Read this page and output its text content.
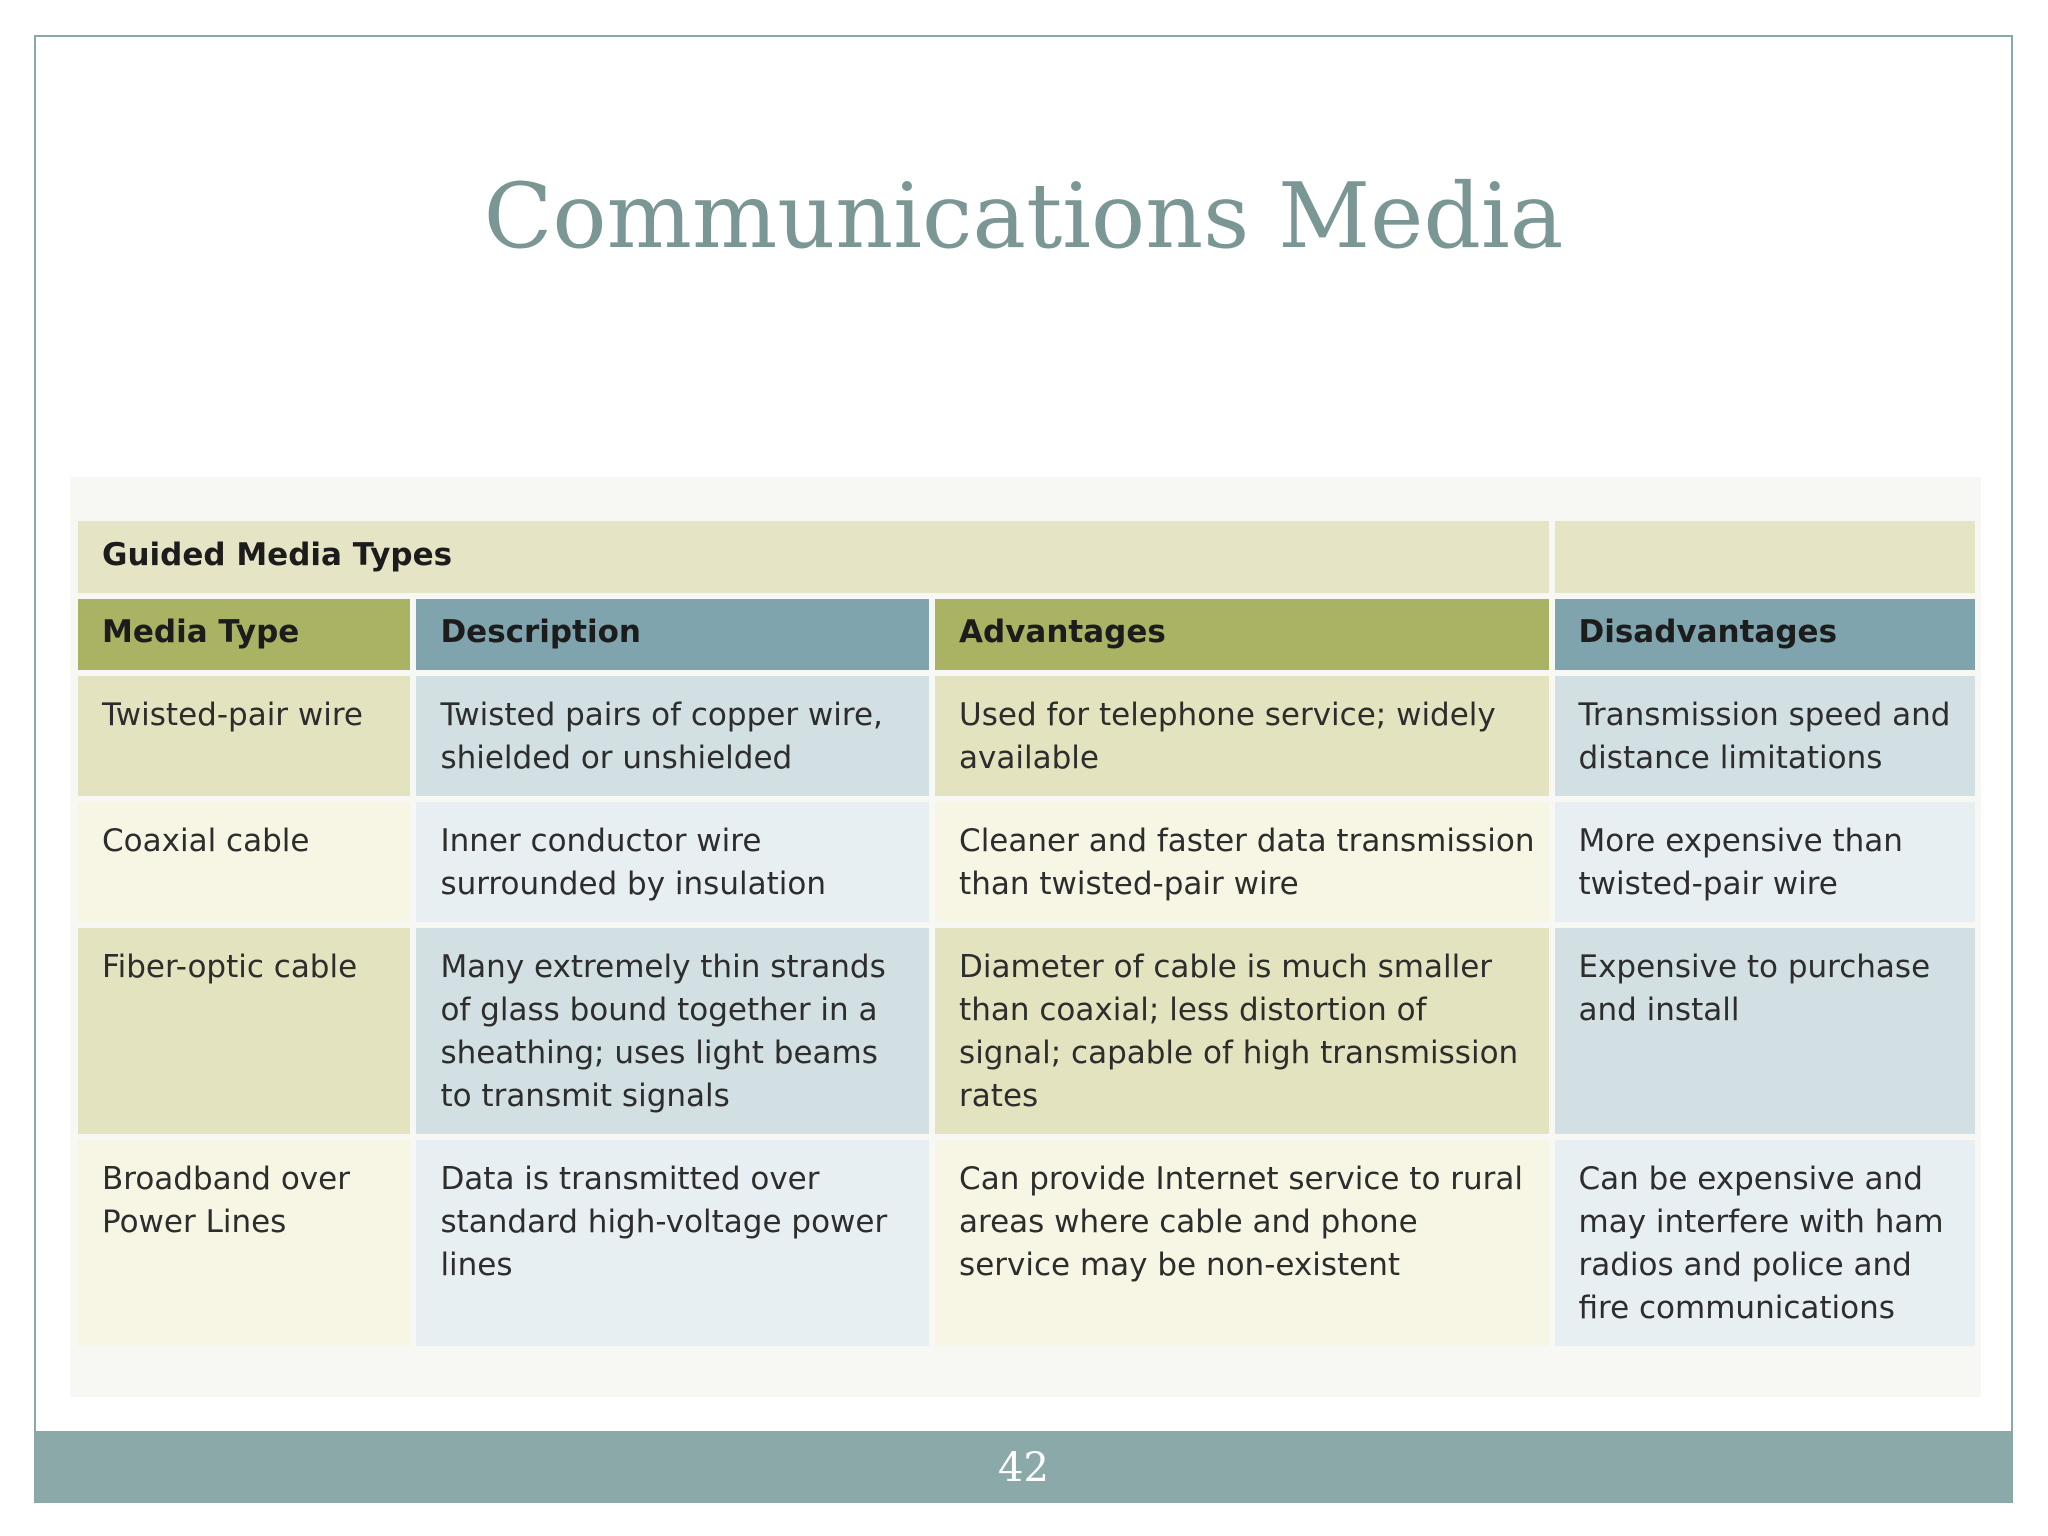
Communications Media
Guided Media Types			
Media Type	Description	Advantages	Disadvantages
Twisted-pair wire	Twisted pairs of copper wire, shielded or unshielded	Used for telephone service; widely available	Transmission speed and distance limitations
Coaxial cable	Inner conductor wire surrounded by insulation	Cleaner and faster data transmission than twisted-pair wire	More expensive than twisted-pair wire
Fiber-optic cable	Many extremely thin strands of glass bound together in a sheathing; uses light beams to transmit signals	Diameter of cable is much smaller than coaxial; less distortion of signal; capable of high transmission rates	Expensive to purchase and install
Broadband over Power Lines	Data is transmitted over standard high-voltage power lines	Can provide Internet service to rural areas where cable and phone service may be non-existent	Can be expensive and may interfere with ham radios and police and fire communications
42
